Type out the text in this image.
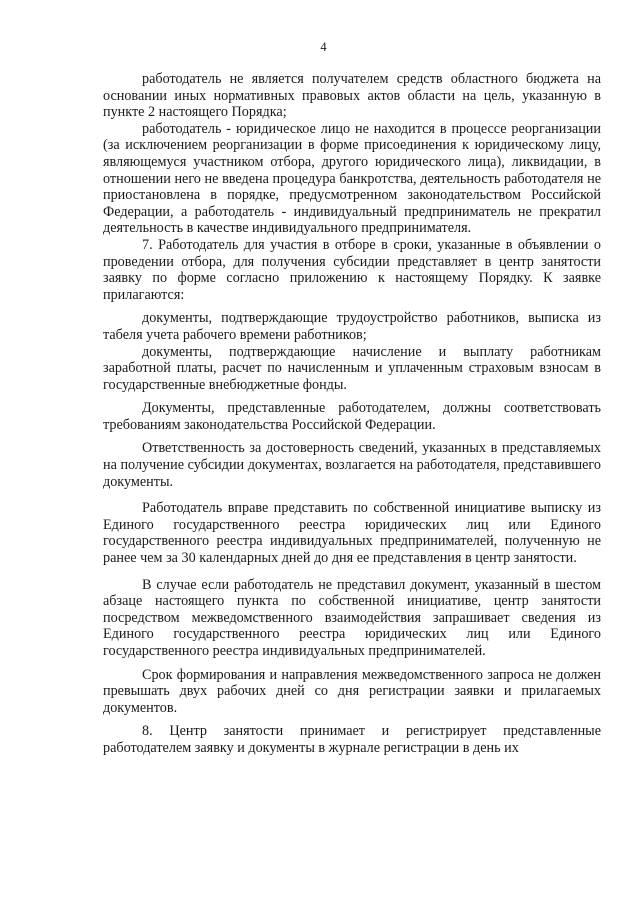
4

работодатель не является получателем средств областного бюджета на основании иных нормативных правовых актов области на цель, указанную в пункте 2 настоящего Порядка;

работодатель - юридическое лицо не находится в процессе реорганизации (за исключением реорганизации в форме присоединения к юридическому лицу, являющемуся участником отбора, другого юридического лица), ликвидации, в отношении него не введена процедура банкротства, деятельность работодателя не приостановлена в порядке, предусмотренном законодательством Российской Федерации, а работодатель - индивидуальный предприниматель не прекратил деятельность в качестве индивидуального предпринимателя.

7. Работодатель для участия в отборе в сроки, указанные в объявлении о проведении отбора, для получения субсидии представляет в центр занятости заявку по форме согласно приложению к настоящему Порядку. К заявке прилагаются:

документы, подтверждающие трудоустройство работников, выписка из табеля учета рабочего времени работников;

документы, подтверждающие начисление и выплату работникам заработной платы, расчет по начисленным и уплаченным страховым взносам в государственные внебюджетные фонды.

Документы, представленные работодателем, должны соответствовать требованиям законодательства Российской Федерации.

Ответственность за достоверность сведений, указанных в представляемых на получение субсидии документах, возлагается на работодателя, представившего документы.

Работодатель вправе представить по собственной инициативе выписку из Единого государственного реестра юридических лиц или Единого государственного реестра индивидуальных предпринимателей, полученную не ранее чем за 30 календарных дней до дня ее представления в центр занятости.

В случае если работодатель не представил документ, указанный в шестом абзаце настоящего пункта по собственной инициативе, центр занятости посредством межведомственного взаимодействия запрашивает сведения из Единого государственного реестра юридических лиц или Единого государственного реестра индивидуальных предпринимателей.

Срок формирования и направления межведомственного запроса не должен превышать двух рабочих дней со дня регистрации заявки и прилагаемых документов.

8. Центр занятости принимает и регистрирует представленные работодателем заявку и документы в журнале регистрации в день их
